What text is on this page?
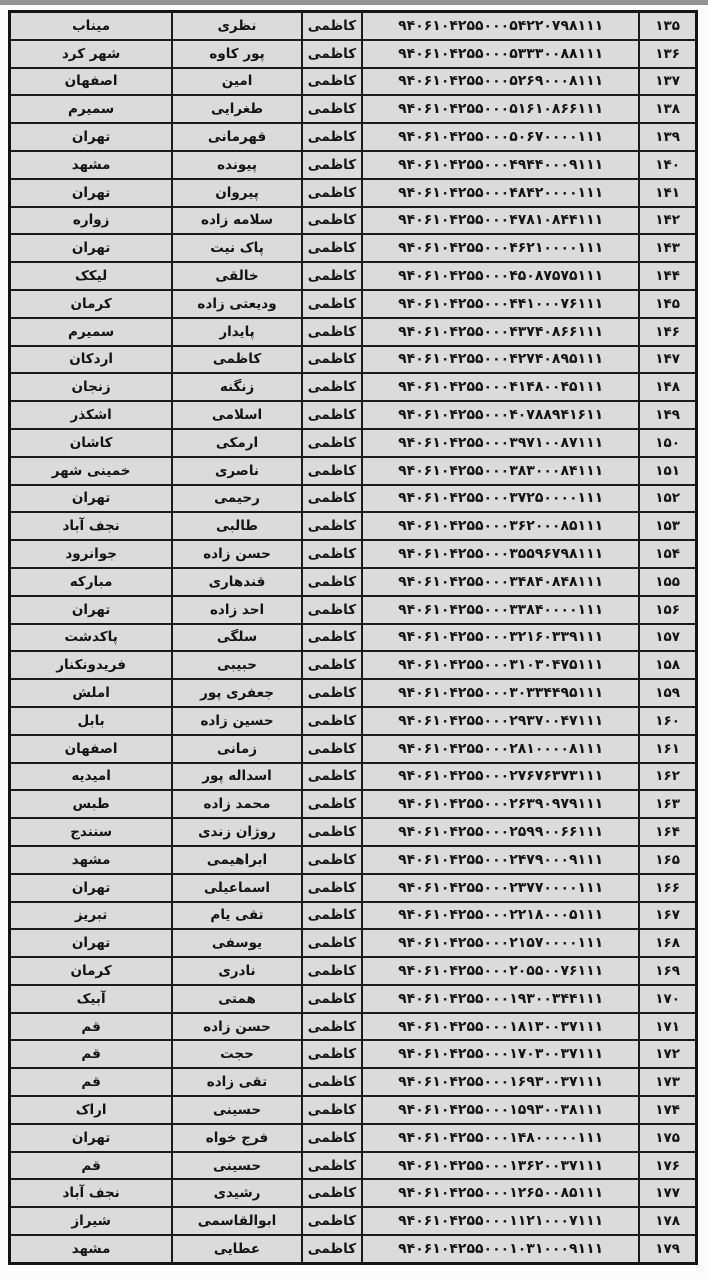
۱۳۵	۹۴۰۶۱۰۴۲۵۵۰۰۰۵۴۲۲۰۷۹۸۱۱۱	کاظمی	نظری	میناب
۱۳۶	۹۴۰۶۱۰۴۲۵۵۰۰۰۵۳۳۳۰۰۸۸۱۱۱	کاظمی	پور کاوه	شهر کرد
۱۳۷	۹۴۰۶۱۰۴۲۵۵۰۰۰۵۲۶۹۰۰۰۸۱۱۱	کاظمی	امین	اصفهان
۱۳۸	۹۴۰۶۱۰۴۲۵۵۰۰۰۵۱۶۱۰۸۶۶۱۱۱	کاظمی	طغرایی	سمیرم
۱۳۹	۹۴۰۶۱۰۴۲۵۵۰۰۰۵۰۶۷۰۰۰۰۱۱۱	کاظمی	قهرمانی	تهران
۱۴۰	۹۴۰۶۱۰۴۲۵۵۰۰۰۴۹۴۴۰۰۰۹۱۱۱	کاظمی	پیونده	مشهد
۱۴۱	۹۴۰۶۱۰۴۲۵۵۰۰۰۴۸۴۲۰۰۰۰۱۱۱	کاظمی	پیروان	تهران
۱۴۲	۹۴۰۶۱۰۴۲۵۵۰۰۰۴۷۸۱۰۸۴۴۱۱۱	کاظمی	سلامه زاده	زواره
۱۴۳	۹۴۰۶۱۰۴۲۵۵۰۰۰۴۶۲۱۰۰۰۰۱۱۱	کاظمی	پاک نیت	تهران
۱۴۴	۹۴۰۶۱۰۴۲۵۵۰۰۰۴۵۰۸۷۵۷۵۱۱۱	کاظمی	خالقی	لیکک
۱۴۵	۹۴۰۶۱۰۴۲۵۵۰۰۰۴۴۱۰۰۰۷۶۱۱۱	کاظمی	ودیعتی زاده	کرمان
۱۴۶	۹۴۰۶۱۰۴۲۵۵۰۰۰۴۳۷۴۰۸۶۶۱۱۱	کاظمی	پایدار	سمیرم
۱۴۷	۹۴۰۶۱۰۴۲۵۵۰۰۰۴۲۷۴۰۸۹۵۱۱۱	کاظمی	کاظمی	اردکان
۱۴۸	۹۴۰۶۱۰۴۲۵۵۰۰۰۴۱۴۸۰۰۴۵۱۱۱	کاظمی	زنگنه	زنجان
۱۴۹	۹۴۰۶۱۰۴۲۵۵۰۰۰۴۰۷۸۸۹۴۱۶۱۱	کاظمی	اسلامی	اشکذر
۱۵۰	۹۴۰۶۱۰۴۲۵۵۰۰۰۳۹۷۱۰۰۸۷۱۱۱	کاظمی	ارمکی	کاشان
۱۵۱	۹۴۰۶۱۰۴۲۵۵۰۰۰۳۸۳۰۰۰۸۴۱۱۱	کاظمی	ناصری	خمینی شهر
۱۵۲	۹۴۰۶۱۰۴۲۵۵۰۰۰۳۷۲۵۰۰۰۰۱۱۱	کاظمی	رحیمی	تهران
۱۵۳	۹۴۰۶۱۰۴۲۵۵۰۰۰۳۶۲۰۰۰۸۵۱۱۱	کاظمی	طالبی	نجف آباد
۱۵۴	۹۴۰۶۱۰۴۲۵۵۰۰۰۳۵۵۹۶۷۹۸۱۱۱	کاظمی	حسن زاده	جوانرود
۱۵۵	۹۴۰۶۱۰۴۲۵۵۰۰۰۳۴۸۴۰۸۴۸۱۱۱	کاظمی	قندهاری	مبارکه
۱۵۶	۹۴۰۶۱۰۴۲۵۵۰۰۰۳۳۸۴۰۰۰۰۱۱۱	کاظمی	احد زاده	تهران
۱۵۷	۹۴۰۶۱۰۴۲۵۵۰۰۰۳۲۱۶۰۳۳۹۱۱۱	کاظمی	سلگی	پاکدشت
۱۵۸	۹۴۰۶۱۰۴۲۵۵۰۰۰۳۱۰۳۰۴۷۵۱۱۱	کاظمی	حبیبی	فریدونکنار
۱۵۹	۹۴۰۶۱۰۴۲۵۵۰۰۰۳۰۳۳۴۴۹۵۱۱۱	کاظمی	جعفری پور	املش
۱۶۰	۹۴۰۶۱۰۴۲۵۵۰۰۰۲۹۳۷۰۰۴۷۱۱۱	کاظمی	حسین زاده	بابل
۱۶۱	۹۴۰۶۱۰۴۲۵۵۰۰۰۲۸۱۰۰۰۰۸۱۱۱	کاظمی	زمانی	اصفهان
۱۶۲	۹۴۰۶۱۰۴۲۵۵۰۰۰۲۷۶۷۶۳۷۳۱۱۱	کاظمی	اسداله پور	امیدیه
۱۶۳	۹۴۰۶۱۰۴۲۵۵۰۰۰۲۶۳۹۰۹۷۹۱۱۱	کاظمی	محمد زاده	طبس
۱۶۴	۹۴۰۶۱۰۴۲۵۵۰۰۰۲۵۹۹۰۰۶۶۱۱۱	کاظمی	روژان زندی	سنندج
۱۶۵	۹۴۰۶۱۰۴۲۵۵۰۰۰۲۴۷۹۰۰۰۹۱۱۱	کاظمی	ابراهیمی	مشهد
۱۶۶	۹۴۰۶۱۰۴۲۵۵۰۰۰۲۳۷۷۰۰۰۰۱۱۱	کاظمی	اسماعیلی	تهران
۱۶۷	۹۴۰۶۱۰۴۲۵۵۰۰۰۲۲۱۸۰۰۰۵۱۱۱	کاظمی	تقی یام	تبریز
۱۶۸	۹۴۰۶۱۰۴۲۵۵۰۰۰۲۱۵۷۰۰۰۰۱۱۱	کاظمی	یوسفی	تهران
۱۶۹	۹۴۰۶۱۰۴۲۵۵۰۰۰۲۰۵۵۰۰۷۶۱۱۱	کاظمی	نادری	کرمان
۱۷۰	۹۴۰۶۱۰۴۲۵۵۰۰۰۱۹۳۰۰۳۴۴۱۱۱	کاظمی	همتی	آبیک
۱۷۱	۹۴۰۶۱۰۴۲۵۵۰۰۰۱۸۱۳۰۰۳۷۱۱۱	کاظمی	حسن زاده	قم
۱۷۲	۹۴۰۶۱۰۴۲۵۵۰۰۰۱۷۰۳۰۰۳۷۱۱۱	کاظمی	حجت	قم
۱۷۳	۹۴۰۶۱۰۴۲۵۵۰۰۰۱۶۹۳۰۰۳۷۱۱۱	کاظمی	تقی زاده	قم
۱۷۴	۹۴۰۶۱۰۴۲۵۵۰۰۰۱۵۹۳۰۰۳۸۱۱۱	کاظمی	حسینی	اراک
۱۷۵	۹۴۰۶۱۰۴۲۵۵۰۰۰۱۴۸۰۰۰۰۰۱۱۱	کاظمی	فرج خواه	تهران
۱۷۶	۹۴۰۶۱۰۴۲۵۵۰۰۰۱۳۶۲۰۰۳۷۱۱۱	کاظمی	حسینی	قم
۱۷۷	۹۴۰۶۱۰۴۲۵۵۰۰۰۱۲۶۵۰۰۸۵۱۱۱	کاظمی	رشیدی	نجف آباد
۱۷۸	۹۴۰۶۱۰۴۲۵۵۰۰۰۱۱۲۱۰۰۰۷۱۱۱	کاظمی	ابوالقاسمی	شیراز
۱۷۹	۹۴۰۶۱۰۴۲۵۵۰۰۰۱۰۳۱۰۰۰۹۱۱۱	کاظمی	عطایی	مشهد
